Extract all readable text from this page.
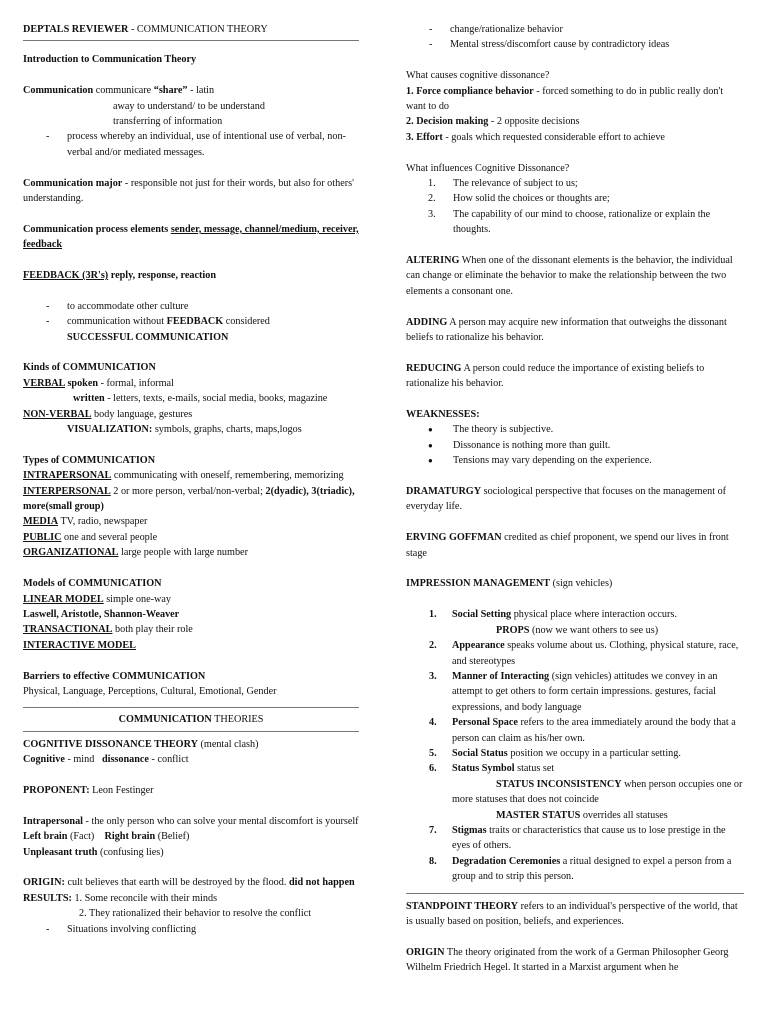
DEPTALS REVIEWER - COMMUNICATION THEORY

Introduction to Communication Theory

Communication communicare “share” - latin

away to understand/ to be understand

transferring of information

- process whereby an individual, use of intentional use of verbal, non-verbal and/or mediated messages.

Communication major - responsible not just for their words, but also for others' understanding.

Communication process elements sender, message, channel/medium, receiver, feedback

FEEDBACK (3R's) reply, response, reaction

- to accommodate other culture

- communication without FEEDBACK considered
SUCCESSFUL COMMUNICATION

Kinds of COMMUNICATION

VERBAL spoken - formal, informal

written - letters, texts, e-mails, social media, books, magazine

NON-VERBAL body language, gestures

VISUALIZATION: symbols, graphs, charts, maps,logos

Types of COMMUNICATION

INTRAPERSONAL communicating with oneself, remembering, memorizing

INTERPERSONAL 2 or more person, verbal/non-verbal; 2(dyadic), 3(triadic), more(small group)

MEDIA TV, radio, newspaper

PUBLIC one and several people

ORGANIZATIONAL large people with large number

Models of COMMUNICATION

LINEAR MODEL simple one-way

Laswell, Aristotle, Shannon-Weaver

TRANSACTIONAL both play their role

INTERACTIVE MODEL

Barriers to effective COMMUNICATION

Physical, Language, Perceptions, Cultural, Emotional, Gender

COMMUNICATION THEORIES

COGNITIVE DISSONANCE THEORY (mental clash)

Cognitive - mind   dissonance - conflict

PROPONENT: Leon Festinger

Intrapersonal - the only person who can solve your mental discomfort is yourself

Left brain (Fact)    Right brain (Belief)

Unpleasant truth (confusing lies)

ORIGIN: cult believes that earth will be destroyed by the flood. did not happen

RESULTS: 1. Some reconcile with their minds

2. They rationalized their behavior to resolve the conflict

- Situations involving conflicting

- change/rationalize behavior

- Mental stress/discomfort cause by contradictory ideas

What causes cognitive dissonance?

1. Force compliance behavior - forced something to do in public really don't want to do

2. Decision making - 2 opposite decisions

3. Effort - goals which requested considerable effort to achieve

What influences Cognitive Dissonance?

1. The relevance of subject to us;

2. How solid the choices or thoughts are;

3. The capability of our mind to choose, rationalize or explain the thoughts.

ALTERING When one of the dissonant elements is the behavior, the individual can change or eliminate the behavior to make the relationship between the two elements a consonant one.

ADDING A person may acquire new information that outweighs the dissonant beliefs to rationalize his behavior.

REDUCING A person could reduce the importance of existing beliefs to rationalize his behavior.

WEAKNESSES:

● The theory is subjective.

● Dissonance is nothing more than guilt.

● Tensions may vary depending on the experience.

DRAMATURGY sociological perspective that focuses on the management of everyday life.

ERVING GOFFMAN credited as chief proponent, we spend our lives in front stage

IMPRESSION MANAGEMENT (sign vehicles)

1. Social Setting physical place where interaction occurs.

PROPS (now we want others to see us)

2. Appearance speaks volume about us. Clothing, physical stature, race, and stereotypes

3. Manner of Interacting (sign vehicles) attitudes we convey in an attempt to get others to form certain impressions. gestures, facial expressions, and body language

4. Personal Space refers to the area immediately around the body that a person can claim as his/her own.

5. Social Status position we occupy in a particular setting.

6. Status Symbol status set

STATUS INCONSISTENCY when person occupies one or more statuses that does not coincide

MASTER STATUS overrides all statuses

7. Stigmas traits or characteristics that cause us to lose prestige in the eyes of others.

8. Degradation Ceremonies a ritual designed to expel a person from a group and to strip this person.

STANDPOINT THEORY refers to an individual's perspective of the world, that is usually based on position, beliefs, and experiences.

ORIGIN The theory originated from the work of a German Philosopher Georg Wilhelm Friedrich Hegel. It started in a Marxist argument when he
